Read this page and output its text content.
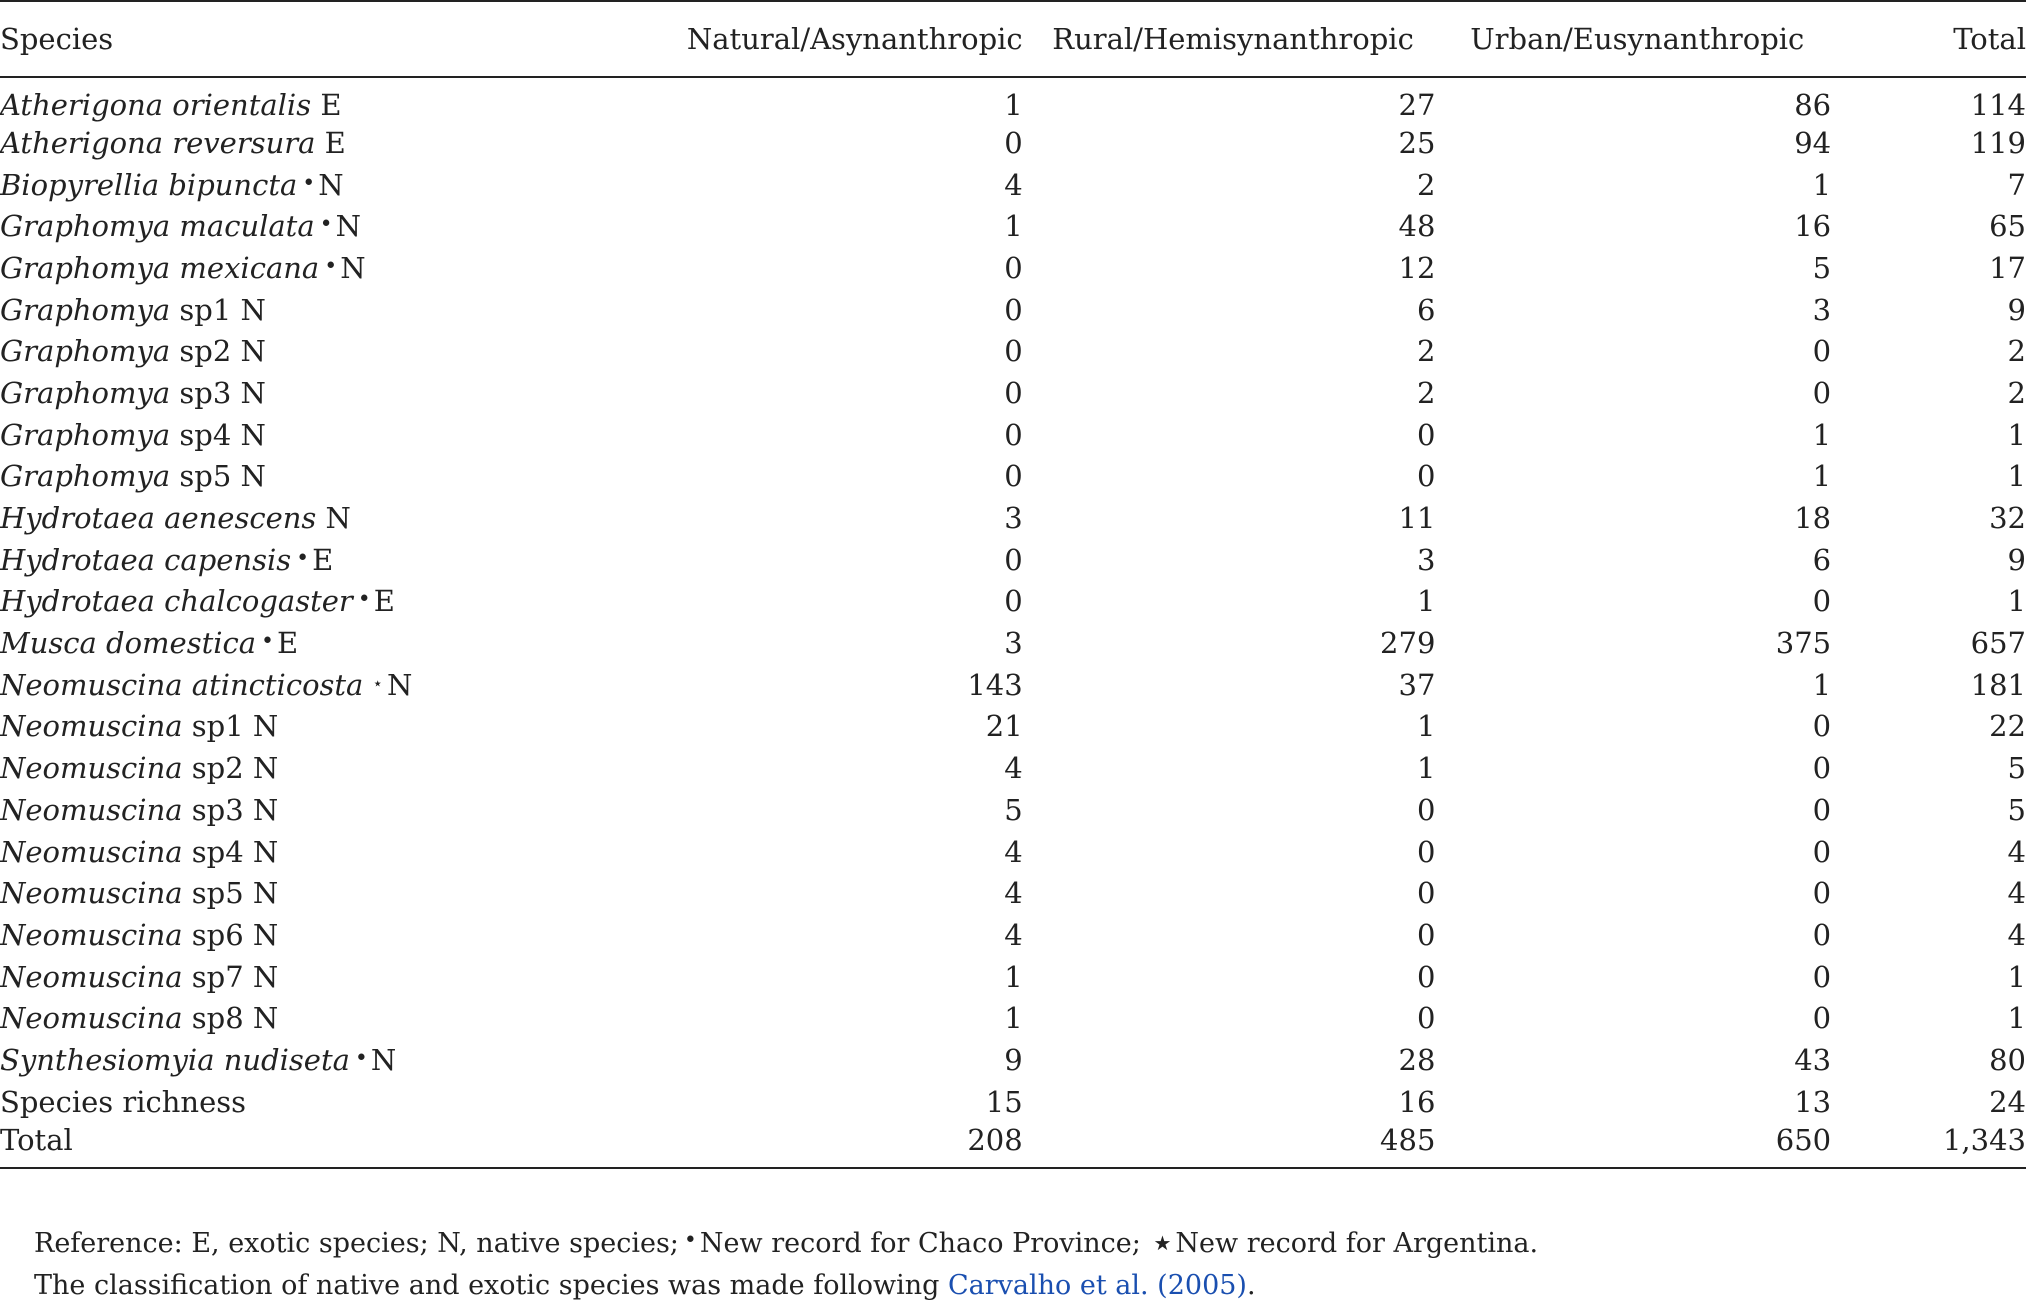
Species	Natural/Asynanthropic	Rural/Hemisynanthropic	Urban/Eusynanthropic	Total
Atherigona orientalis E	1	27	86	114
Atherigona reversura E	0	25	94	119
Biopyrellia bipuncta • N	4	2	1	7
Graphomya maculata • N	1	48	16	65
Graphomya mexicana • N	0	12	5	17
Graphomya sp1 N	0	6	3	9
Graphomya sp2 N	0	2	0	2
Graphomya sp3 N	0	2	0	2
Graphomya sp4 N	0	0	1	1
Graphomya sp5 N	0	0	1	1
Hydrotaea aenescens N	3	11	18	32
Hydrotaea capensis • E	0	3	6	9
Hydrotaea chalcogaster • E	0	1	0	1
Musca domestica • E	3	279	375	657
Neomuscina atincticosta ⋆ N	143	37	1	181
Neomuscina sp1 N	21	1	0	22
Neomuscina sp2 N	4	1	0	5
Neomuscina sp3 N	5	0	0	5
Neomuscina sp4 N	4	0	0	4
Neomuscina sp5 N	4	0	0	4
Neomuscina sp6 N	4	0	0	4
Neomuscina sp7 N	1	0	0	1
Neomuscina sp8 N	1	0	0	1
Synthesiomyia nudiseta • N	9	28	43	80
Species richness	15	16	13	24
Total	208	485	650	1,343
Reference: E, exotic species; N, native species; • New record for Chaco Province; ★ New record for Argentina.
The classification of native and exotic species was made following Carvalho et al. (2005).
